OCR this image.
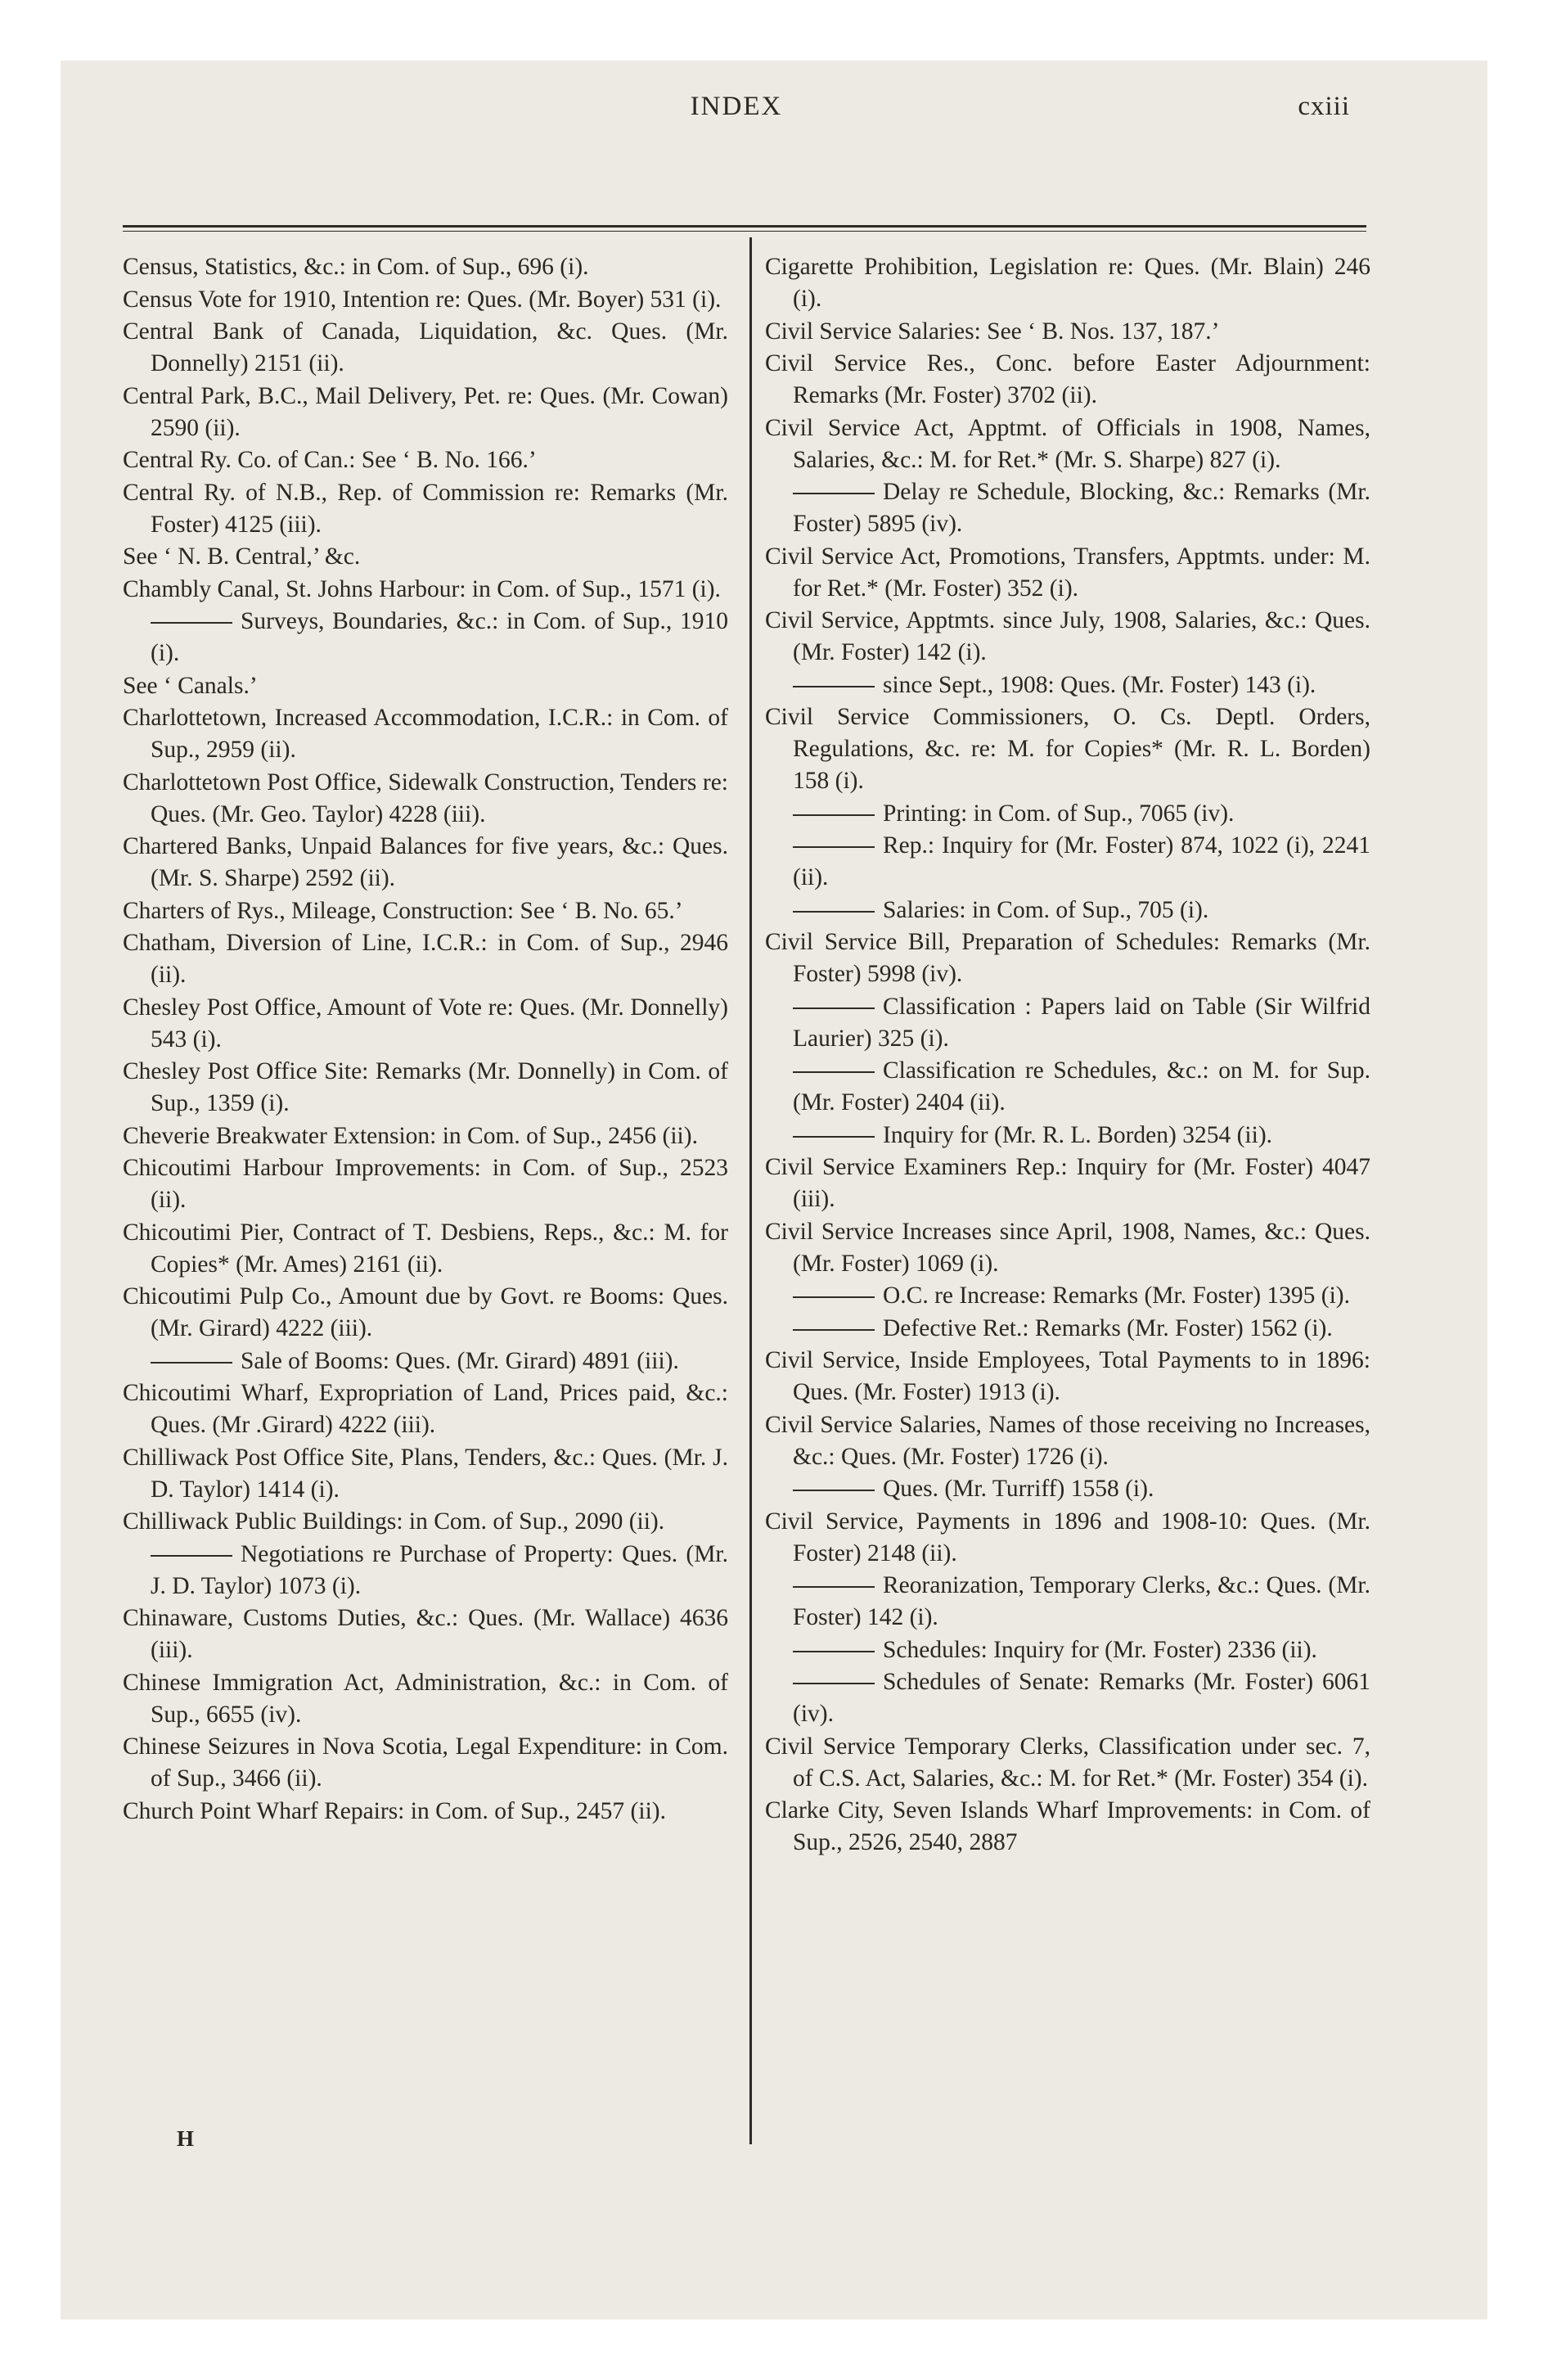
INDEX	cxiii

Census, Statistics, &c.: in Com. of Sup., 696 (i).

Census Vote for 1910, Intention re: Ques. (Mr. Boyer) 531 (i).

Central Bank of Canada, Liquidation, &c. Ques. (Mr. Donnelly) 2151 (ii).

Central Park, B.C., Mail Delivery, Pet. re: Ques. (Mr. Cowan) 2590 (ii).

Central Ry. Co. of Can.: See ‘ B. No. 166.’

Central Ry. of N.B., Rep. of Commission re: Remarks (Mr. Foster) 4125 (iii).

See ‘ N. B. Central,’ &c.

Chambly Canal, St. Johns Harbour: in Com. of Sup., 1571 (i).

Surveys, Boundaries, &c.: in Com. of Sup., 1910 (i).

See ‘ Canals.’

Charlottetown, Increased Accommodation, I.C.R.: in Com. of Sup., 2959 (ii).

Charlottetown Post Office, Sidewalk Construction, Tenders re: Ques. (Mr. Geo. Taylor) 4228 (iii).

Chartered Banks, Unpaid Balances for five years, &c.: Ques. (Mr. S. Sharpe) 2592 (ii).

Charters of Rys., Mileage, Construction: See ‘ B. No. 65.’

Chatham, Diversion of Line, I.C.R.: in Com. of Sup., 2946 (ii).

Chesley Post Office, Amount of Vote re: Ques. (Mr. Donnelly) 543 (i).

Chesley Post Office Site: Remarks (Mr. Donnelly) in Com. of Sup., 1359 (i).

Cheverie Breakwater Extension: in Com. of Sup., 2456 (ii).

Chicoutimi Harbour Improvements: in Com. of Sup., 2523 (ii).

Chicoutimi Pier, Contract of T. Desbiens, Reps., &c.: M. for Copies* (Mr. Ames) 2161 (ii).

Chicoutimi Pulp Co., Amount due by Govt. re Booms: Ques. (Mr. Girard) 4222 (iii).

Sale of Booms: Ques. (Mr. Girard) 4891 (iii).

Chicoutimi Wharf, Expropriation of Land, Prices paid, &c.: Ques. (Mr .Girard) 4222 (iii).

Chilliwack Post Office Site, Plans, Tenders, &c.: Ques. (Mr. J. D. Taylor) 1414 (i).

Chilliwack Public Buildings: in Com. of Sup., 2090 (ii).

Negotiations re Purchase of Property: Ques. (Mr. J. D. Taylor) 1073 (i).

Chinaware, Customs Duties, &c.: Ques. (Mr. Wallace) 4636 (iii).

Chinese Immigration Act, Administration, &c.: in Com. of Sup., 6655 (iv).

Chinese Seizures in Nova Scotia, Legal Expenditure: in Com. of Sup., 3466 (ii).

Church Point Wharf Repairs: in Com. of Sup., 2457 (ii).

Cigarette Prohibition, Legislation re: Ques. (Mr. Blain) 246 (i).

Civil Service Salaries: See ‘ B. Nos. 137, 187.’

Civil Service Res., Conc. before Easter Adjournment: Remarks (Mr. Foster) 3702 (ii).

Civil Service Act, Apptmt. of Officials in 1908, Names, Salaries, &c.: M. for Ret.* (Mr. S. Sharpe) 827 (i).

Delay re Schedule, Blocking, &c.: Remarks (Mr. Foster) 5895 (iv).

Civil Service Act, Promotions, Transfers, Apptmts. under: M. for Ret.* (Mr. Foster) 352 (i).

Civil Service, Apptmts. since July, 1908, Salaries, &c.: Ques. (Mr. Foster) 142 (i).

since Sept., 1908: Ques. (Mr. Foster) 143 (i).

Civil Service Commissioners, O. Cs. Deptl. Orders, Regulations, &c. re: M. for Copies* (Mr. R. L. Borden) 158 (i).

Printing: in Com. of Sup., 7065 (iv).

Rep.: Inquiry for (Mr. Foster) 874, 1022 (i), 2241 (ii).

Salaries: in Com. of Sup., 705 (i).

Civil Service Bill, Preparation of Schedules: Remarks (Mr. Foster) 5998 (iv).

Classification : Papers laid on Table (Sir Wilfrid Laurier) 325 (i).

Classification re Schedules, &c.: on M. for Sup. (Mr. Foster) 2404 (ii).

Inquiry for (Mr. R. L. Borden) 3254 (ii).

Civil Service Examiners Rep.: Inquiry for (Mr. Foster) 4047 (iii).

Civil Service Increases since April, 1908, Names, &c.: Ques. (Mr. Foster) 1069 (i).

O.C. re Increase: Remarks (Mr. Foster) 1395 (i).

Defective Ret.: Remarks (Mr. Foster) 1562 (i).

Civil Service, Inside Employees, Total Payments to in 1896: Ques. (Mr. Foster) 1913 (i).

Civil Service Salaries, Names of those receiving no Increases, &c.: Ques. (Mr. Foster) 1726 (i).

Ques. (Mr. Turriff) 1558 (i).

Civil Service, Payments in 1896 and 1908-10: Ques. (Mr. Foster) 2148 (ii).

Reoranization, Temporary Clerks, &c.: Ques. (Mr. Foster) 142 (i).

Schedules: Inquiry for (Mr. Foster) 2336 (ii).

Schedules of Senate: Remarks (Mr. Foster) 6061 (iv).

Civil Service Temporary Clerks, Classification under sec. 7, of C.S. Act, Salaries, &c.: M. for Ret.* (Mr. Foster) 354 (i).

Clarke City, Seven Islands Wharf Improvements: in Com. of Sup., 2526, 2540, 2887

H
